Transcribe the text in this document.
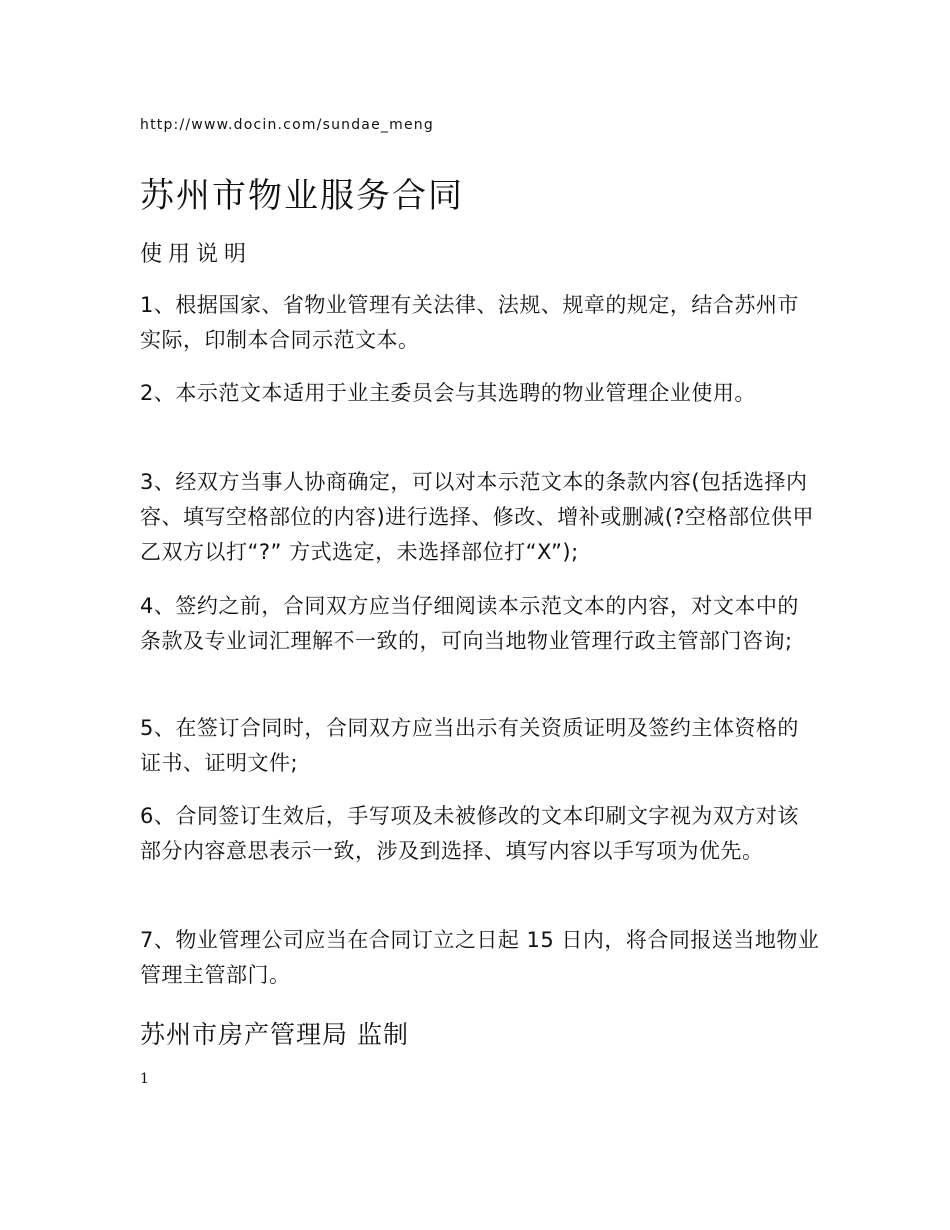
http://www.docin.com/sundae_meng
苏州市物业服务合同
使用说明

1、根据国家、省物业管理有关法律、法规、规章的规定，结合苏州市实际，印制本合同示范文本。

2、本示范文本适用于业主委员会与其选聘的物业管理企业使用。

3、经双方当事人协商确定，可以对本示范文本的条款内容(包括选择内容、填写空格部位的内容)进行选择、修改、增补或删减(?空格部位供甲乙双方以打“?” 方式选定，未选择部位打“X”);

4、签约之前，合同双方应当仔细阅读本示范文本的内容，对文本中的条款及专业词汇理解不一致的，可向当地物业管理行政主管部门咨询;

5、在签订合同时，合同双方应当出示有关资质证明及签约主体资格的证书、证明文件;

6、合同签订生效后，手写项及未被修改的文本印刷文字视为双方对该部分内容意思表示一致，涉及到选择、填写内容以手写项为优先。

7、物业管理公司应当在合同订立之日起 15 日内，将合同报送当地物业管理主管部门。

苏州市房产管理局 监制
1
